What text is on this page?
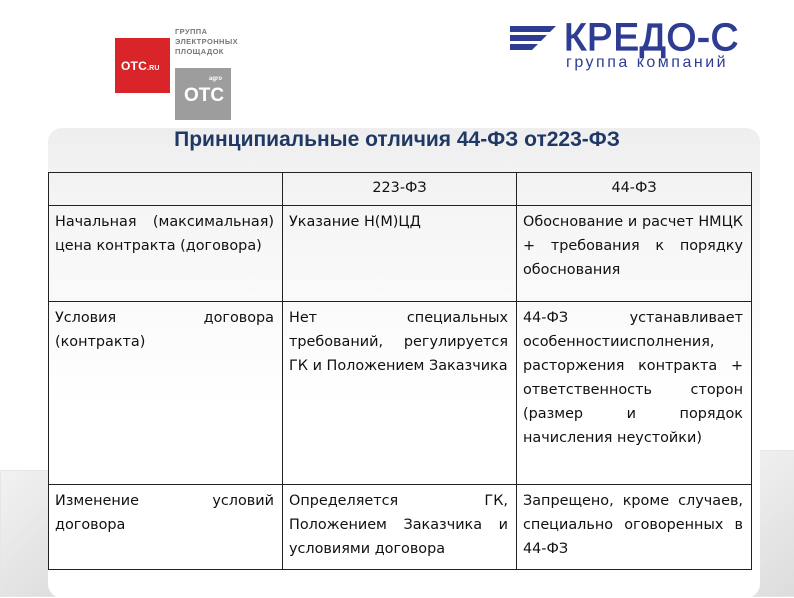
OTC.RU
ГРУППА ЭЛЕКТРОННЫХ ПЛОЩАДОК
agro
OTC
КРЕДО-С
группа компаний
Принципиальные отличия 44-ФЗ от223-ФЗ
	223-ФЗ	44-ФЗ
Начальная (максимальная) цена контракта (договора)	Указание Н(М)ЦД	Обоснование и расчет НМЦК + требования к порядку обоснования
Условия договора (контракта)	Нет специальных требований, регулируется ГК и Положением Заказчика	44-ФЗ устанавливает особенностиисполнения, расторжения контракта + ответственность сторон (размер и порядок начисления неустойки)
Изменение условий договора	Определяется ГК, Положением Заказчика и условиями договора	Запрещено, кроме случаев, специально оговоренных в 44-ФЗ
